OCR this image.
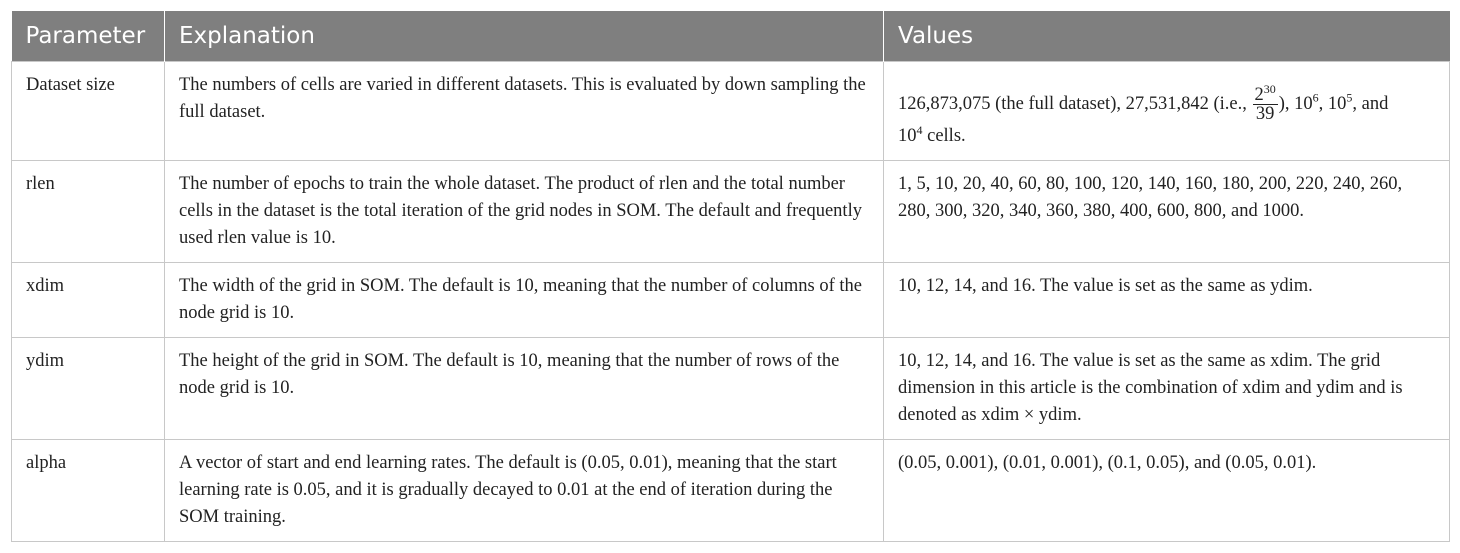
Parameter	Explanation	Values
Dataset size	The numbers of cells are varied in different datasets. This is evaluated by down sampling the full dataset.	126,873,075 (the full dataset), 27,531,842 (i.e., $\frac{2^{30}}{39}$ ), $10^6$, $10^5$, and
$10^4$ cells.
rlen	The number of epochs to train the whole dataset. The product of rlen and the total number cells in the dataset is the total iteration of the grid nodes in SOM. The default and frequently used rlen value is 10.	1, 5, 10, 20, 40, 60, 80, 100, 120, 140, 160, 180, 200, 220, 240, 260, 280, 300, 320, 340, 360, 380, 400, 600, 800, and 1000.
xdim	The width of the grid in SOM. The default is 10, meaning that the number of columns of the node grid is 10.	10, 12, 14, and 16. The value is set as the same as ydim.
ydim	The height of the grid in SOM. The default is 10, meaning that the number of rows of the node grid is 10.	10, 12, 14, and 16. The value is set as the same as xdim. The grid dimension in this article is the combination of xdim and ydim and is denoted as xdim × ydim.
alpha	A vector of start and end learning rates. The default is (0.05, 0.01), meaning that the start learning rate is 0.05, and it is gradually decayed to 0.01 at the end of iteration during the SOM training.	(0.05, 0.001), (0.01, 0.001), (0.1, 0.05), and (0.05, 0.01).
